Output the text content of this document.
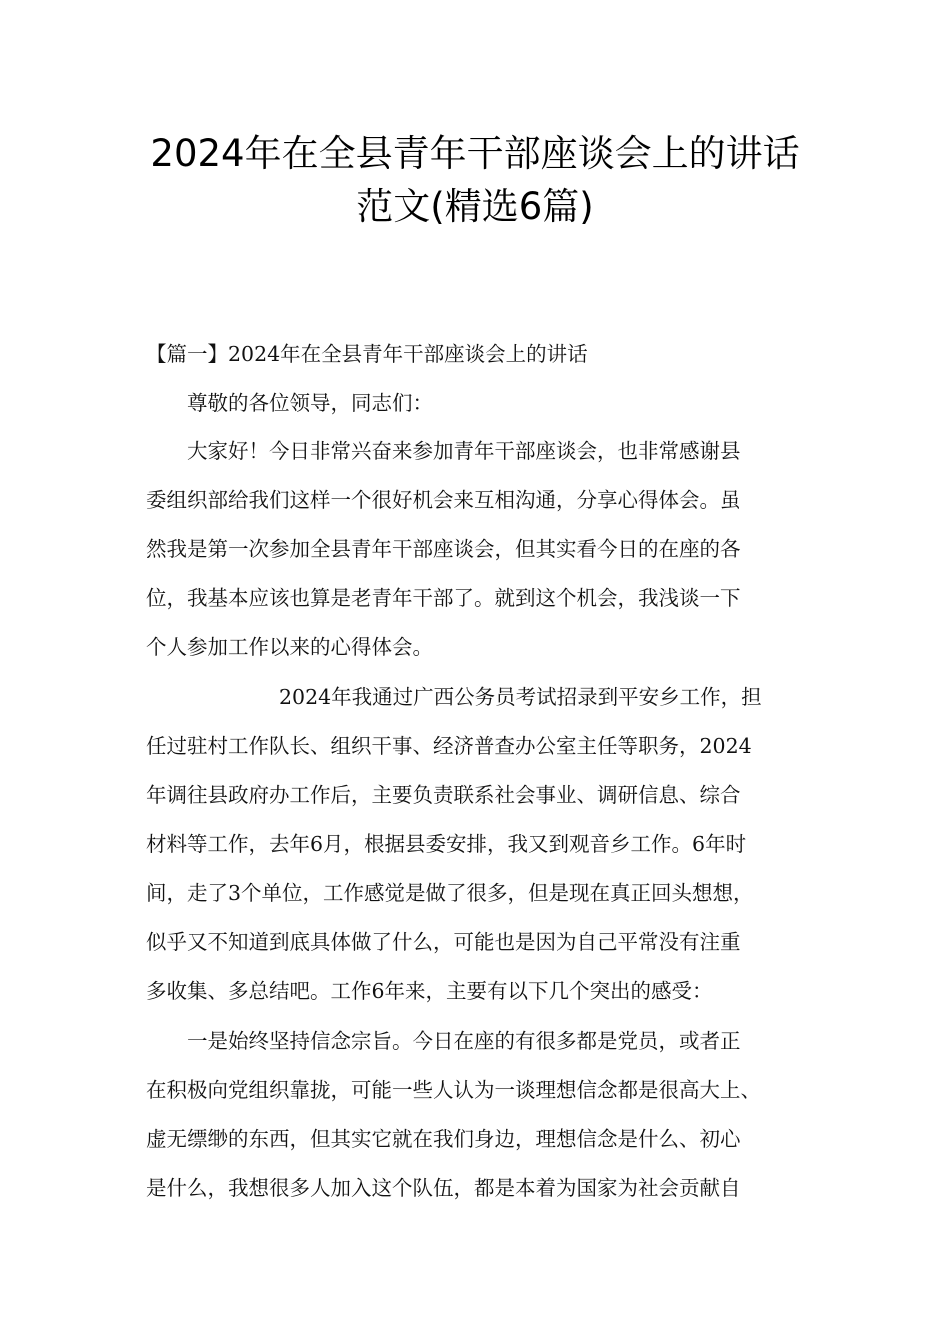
2024年在全县青年干部座谈会上的讲话
范文(精选6篇)
【篇一】2024年在全县青年干部座谈会上的讲话
尊敬的各位领导，同志们：
大家好！今日非常兴奋来参加青年干部座谈会，也非常感谢县
委组织部给我们这样一个很好机会来互相沟通，分享心得体会。虽
然我是第一次参加全县青年干部座谈会，但其实看今日的在座的各
位，我基本应该也算是老青年干部了。就到这个机会，我浅谈一下
个人参加工作以来的心得体会。
2024年我通过广西公务员考试招录到平安乡工作，担
任过驻村工作队长、组织干事、经济普查办公室主任等职务，2024
年调往县政府办工作后，主要负责联系社会事业、调研信息、综合
材料等工作，去年6月，根据县委安排，我又到观音乡工作。6年时
间，走了3个单位，工作感觉是做了很多，但是现在真正回头想想，
似乎又不知道到底具体做了什么，可能也是因为自己平常没有注重
多收集、多总结吧。工作6年来，主要有以下几个突出的感受：
一是始终坚持信念宗旨。今日在座的有很多都是党员，或者正
在积极向党组织靠拢，可能一些人认为一谈理想信念都是很高大上、
虚无缥缈的东西，但其实它就在我们身边，理想信念是什么、初心
是什么，我想很多人加入这个队伍，都是本着为国家为社会贡献自
